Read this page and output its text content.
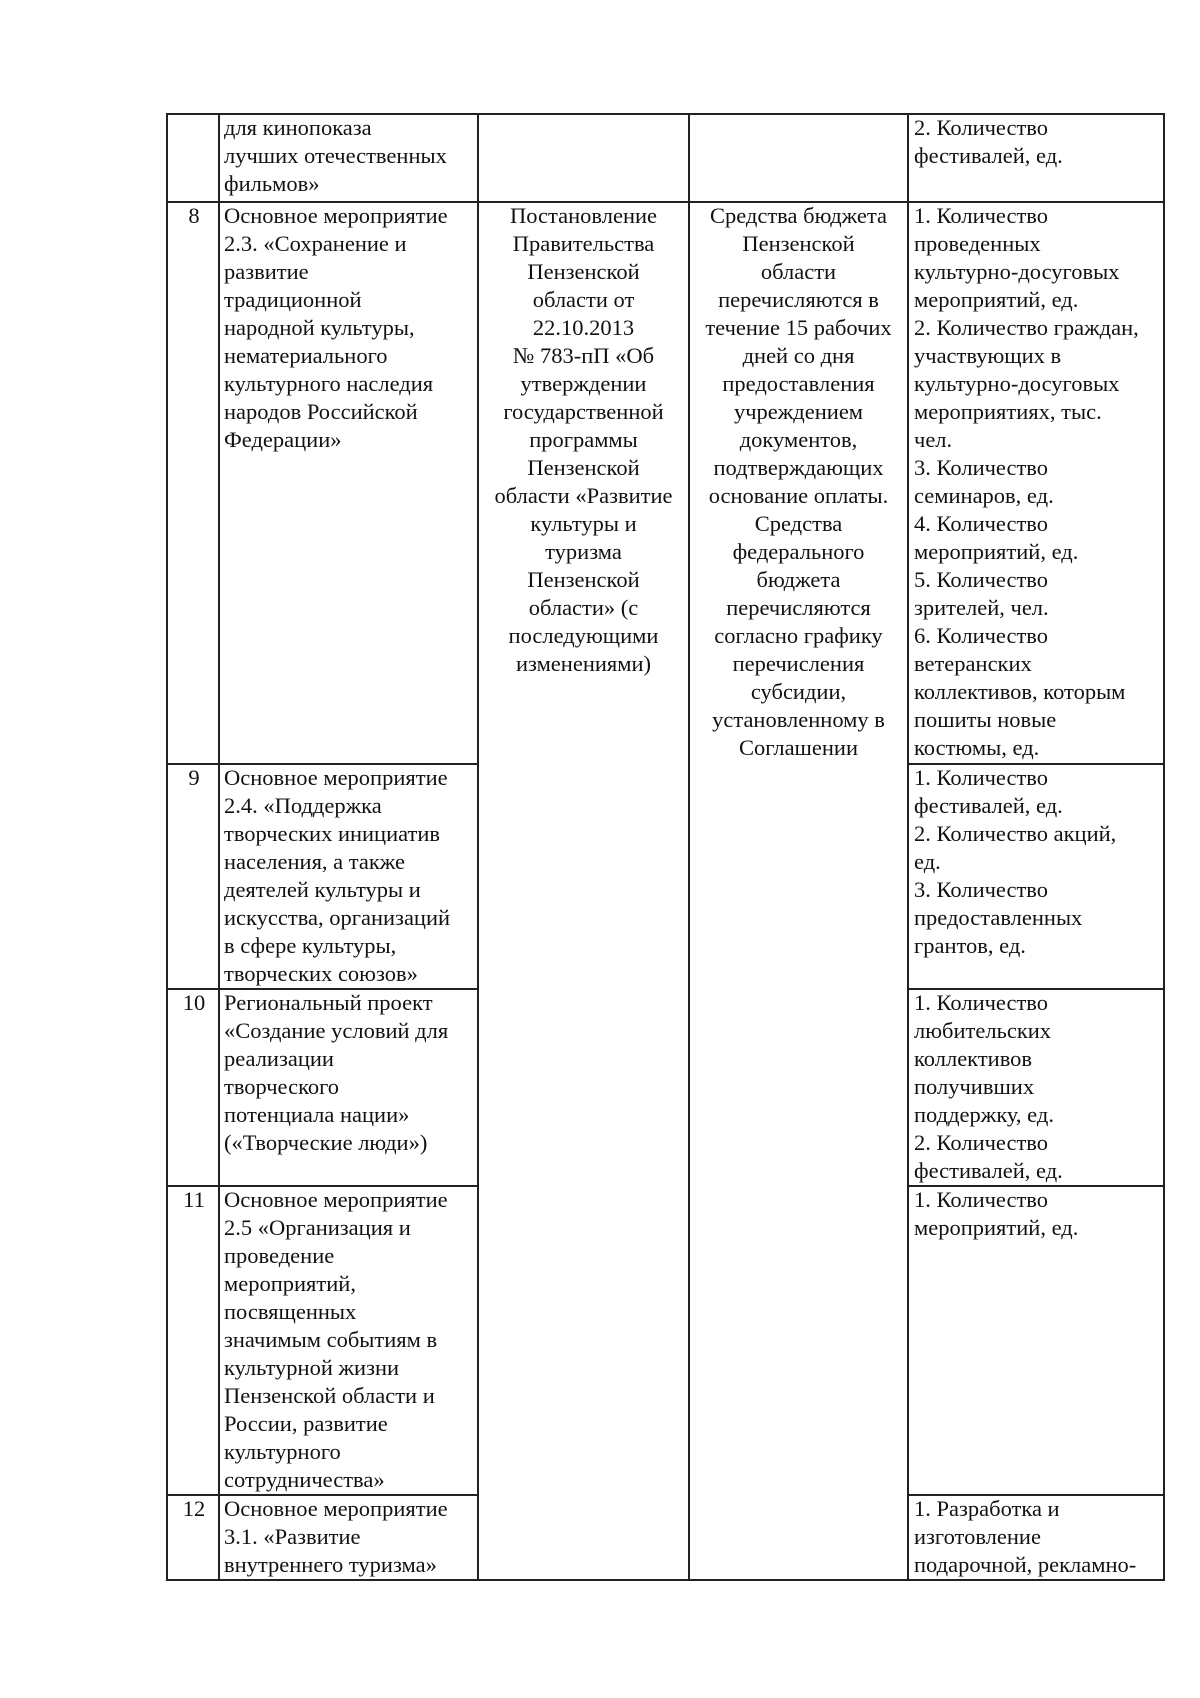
для кинопоказа
лучших отечественных
фильмов»
2. Количество
фестивалей, ед.
8	Основное мероприятие
2.3. «Сохранение и
развитие
традиционной
народной культуры,
нематериального
культурного наследия
народов Российской
Федерации»
Постановление
Правительства
Пензенской
области от
22.10.2013
№ 783-пП «Об
утверждении
государственной
программы
Пензенской
области «Развитие
культуры и
туризма
Пензенской
области» (с
последующими
изменениями)
Средства бюджета
Пензенской
области
перечисляются в
течение 15 рабочих
дней со дня
предоставления
учреждением
документов,
подтверждающих
основание оплаты.
Средства
федерального
бюджета
перечисляются
согласно графику
перечисления
субсидии,
установленному в
Соглашении
1. Количество
проведенных
культурно-досуговых
мероприятий, ед.
2. Количество граждан,
участвующих в
культурно-досуговых
мероприятиях, тыс.
чел.
3. Количество
семинаров, ед.
4. Количество
мероприятий, ед.
5. Количество
зрителей, чел.
6. Количество
ветеранских
коллективов, которым
пошиты новые
костюмы, ед.
9	Основное мероприятие
2.4. «Поддержка
творческих инициатив
населения, а также
деятелей культуры и
искусства, организаций
в сфере культуры,
творческих союзов»
1. Количество
фестивалей, ед.
2. Количество акций,
ед.
3. Количество
предоставленных
грантов, ед.
10 Региональный проект
«Создание условий для
реализации
творческого
потенциала нации»
(«Творческие люди»)
1. Количество
любительских
коллективов
получивших
поддержку, ед.
2. Количество
фестивалей, ед.
11 Основное мероприятие
2.5 «Организация и
проведение
мероприятий,
посвященных
значимым событиям в
культурной жизни
Пензенской области и
России, развитие
культурного
сотрудничества»
1. Количество
мероприятий, ед.
12 Основное мероприятие
3.1. «Развитие
внутреннего туризма»
1. Разработка и
изготовление
подарочной, рекламно-
